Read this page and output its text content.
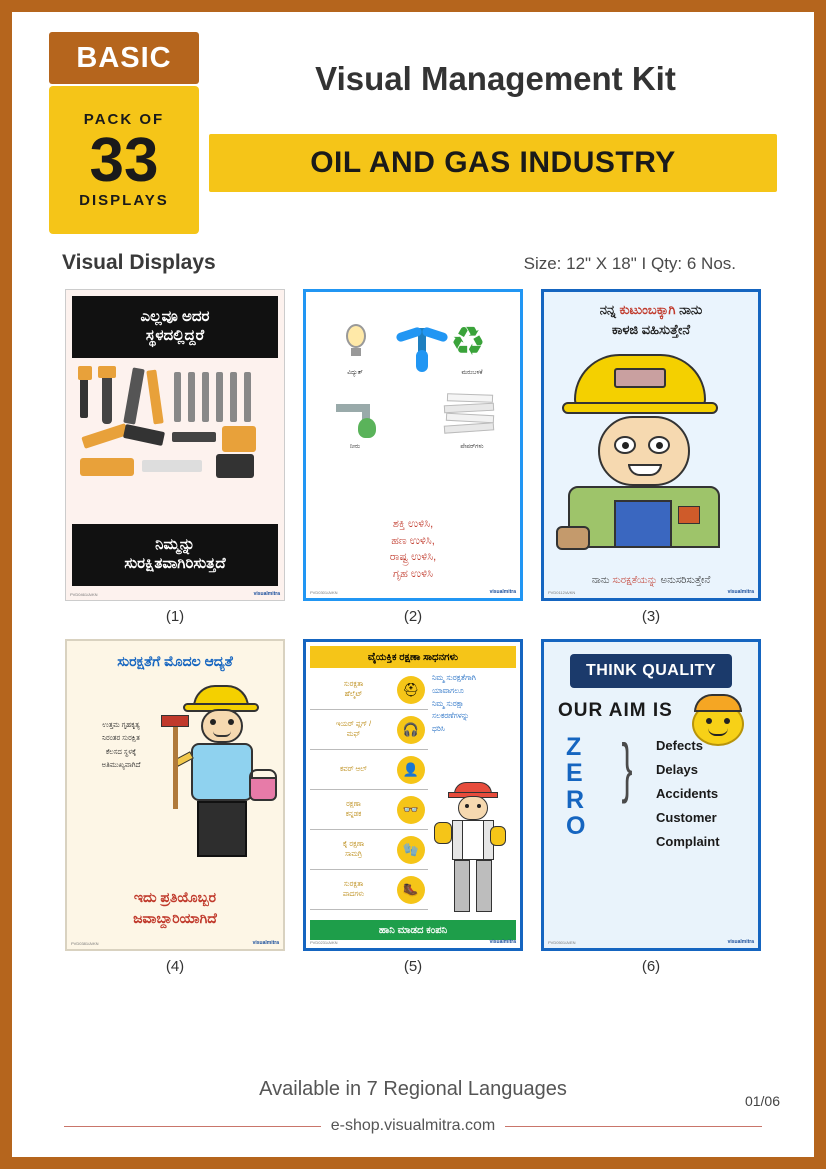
BASIC
PACK OF
33
DISPLAYS
Visual Management Kit
OIL AND GAS INDUSTRY
Visual Displays	Size: 12" X 18" I Qty: 6 Nos.
ಎಲ್ಲವೂ ಅದರ
ಸ್ಥಳದಲ್ಲಿದ್ದರೆ
ನಿಮ್ಮನ್ನು
ಸುರಕ್ಷಿತವಾಗಿರಿಸುತ್ತದೆ
PVD0461/A/KN	visualmitra
(1)
ವಿದ್ಯುತ್	ಮರುಬಳಕೆ
♻
ನೀರು	ಪೇಪರ್‌ಗಳು
ಶಕ್ತಿ ಉಳಿಸಿ,
ಹಣ ಉಳಿಸಿ,
ರಾಷ್ಟ್ರ ಉಳಿಸಿ,
ಗೃಹ ಉಳಿಸಿ
PVD0301/A/KN	visualmitra
(2)
ನನ್ನ ಕುಟುಂಬಕ್ಕಾಗಿ ನಾನು
ಕಾಳಜಿ ವಹಿಸುತ್ತೇನೆ
ನಾನು ಸುರಕ್ಷತೆಯನ್ನು ಅನುಸರಿಸುತ್ತೇನೆ
PVD0112/A/KN	visualmitra
(3)
ಸುರಕ್ಷತೆಗೆ ಮೊದಲ ಆದ್ಯತೆ
ಉತ್ತಮ ಗೃಹಕೃತ್ಯ
ನಿರಂತರ ಸುರಕ್ಷಿತ
ಕೆಲಸದ ಸ್ಥಳಕ್ಕೆ
ಅತಿಮುಖ್ಯವಾಗಿದೆ
ಇದು ಪ್ರತಿಯೊಬ್ಬರ
ಜವಾಬ್ದಾರಿಯಾಗಿದೆ
PVD0381/A/KN	visualmitra
(4)
ವೈಯಕ್ತಿಕ ರಕ್ಷಣಾ ಸಾಧನಗಳು
ಸುರಕ್ಷತಾ
ಹೆಲ್ಮೆಟ್	⛑
ಇಯರ್ ಪ್ಲಗ್ /
ಮಫ್	🎧
ಕವರ್ ಆಲ್	👤
ರಕ್ಷಣಾ
ಕನ್ನಡಕ	👓
ಕೈ ರಕ್ಷಣಾ
ಸಾಮಗ್ರಿ	🧤
ಸುರಕ್ಷತಾ
ಪಾದಗಳು	🥾
ನಿಮ್ಮ ಸುರಕ್ಷತೆಗಾಗಿ
ಯಾವಾಗಲೂ
ನಿಮ್ಮ ಸುರಕ್ಷಾ
ಸಲಕರಣೆಗಳನ್ನು
ಧರಿಸಿ
ಹಾನಿ ಮಾಡದ ಕಂಪನಿ
PVD0231/A/KN	visualmitra
(5)
THINK QUALITY
OUR AIM IS
Z
E
R
O
} Defects
Delays
Accidents
Customer
Complaint
PVD0501/A/EN	visualmitra
(6)
Available in 7 Regional Languages
e-shop.visualmitra.com
01/06
